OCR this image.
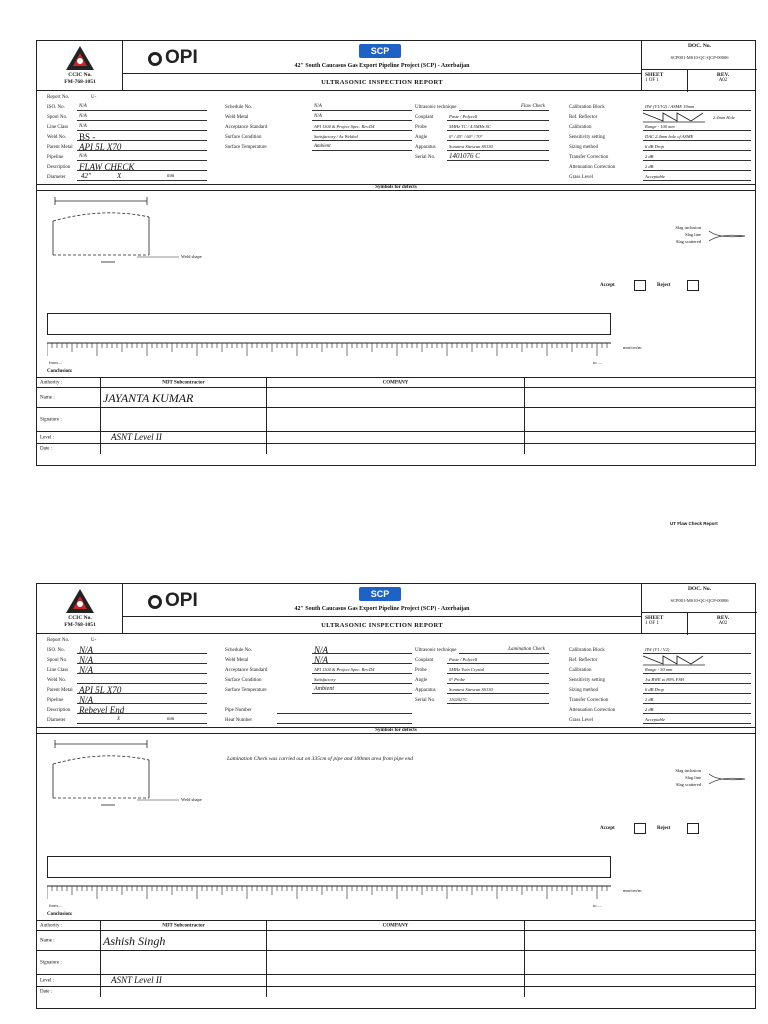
CCIC No.
FM-768-1051
OPI	SCP
42" South Caucasus Gas Export Pipeline Project (SCP) - Azerbaijan
ULTRASONIC INSPECTION REPORT
DOC. No.
SCP001-MS10-QC-QCP-00006
SHEET
1 OF 1
REV.
A02
Report No.	U-
ISO. No.	N/A
Spool No.	N/A
Line Class	N/A
Weld No. BS -
Parent Metal API 5L X70
Pipeline	N/A
Description FLAW CHECK
Diameter 42"	X	mm
Schedule No.	N/A
Weld Metal	N/A
Acceptance Standard	API 1104 & Project Spec. Rev.D4
Surface Condition	Satisfactory / As Welded
Surface Temperature	Ambient
Ultrasonic technique	Flaw Check
Couplant	Paste / Polycell
Probe	5MHz TC / 4.5MHz SC
Angle	0° / 45° / 60° / 70°
Apparatus	Sonatest Sitescan SS130
Serial No. 1401076 C
Calibration Block	IIW (V1/V2) / ASME 19mm
Ref. Reflector	2.4mm Hole
Calibration	Range - 100 mm
Sensitivity setting	DAC 2.4mm hole of ASME
Sizing method	6 dB Drop
Transfer Correction	2 dB
Attenuation Correction	2 dB
Grass Level	Acceptable
Symbols for defects
Weld shape
Slag inclusion
Slag line
Slag scattered
Accept	Reject
mm/cm/m
from....	to.....
Conclusion:
Authority :	NDT Subcontractor	COMPANY
Name :	JAYANTA KUMAR
Signature :
Level :	ASNT Level II
Date :
UT Flaw Check Report
CCIC No.
FM-768-1051
OPI	SCP
42" South Caucasus Gas Export Pipeline Project (SCP) - Azerbaijan
ULTRASONIC INSPECTION REPORT
DOC. No.
SCP001-MS10-QC-QCP-00006
SHEET
1 OF 1
REV.
A02
Report No.	U-
ISO. No. N/A
Spool No. N/A
Line Class N/A
Weld No.
Parent Metal API 5L X70
Pipeline N/A
Description Rebevel End
Diameter	X	mm
Schedule No.	N/A
Weld Metal	N/A
Acceptance Standard	API 1104 & Project Spec. Rev.D4
Surface Condition	Satisfactory
Surface Temperature	Ambient
Pipe Number
Heat Number
Ultrasonic technique	Lamination Check
Couplant	Paste / Polycell
Probe	5MHz Twin Crystal
Angle	0° Probe
Apparatus	Sonatest Sitescan SS130
Serial No.	1102027C
Calibration Block	IIW (V1 / V2)
Ref. Reflector
Calibration	Range - 50 mm
Sensitivity setting	1st BWE to 80% FSH
Sizing method	6 dB Drop
Transfer Correction	2 dB
Attenuation Correction	2 dB
Grass Level	Acceptable
Symbols for defects
Lamination Check was carried out on 335cm of pipe and 100mm area from pipe end
Weld shape
Slag inclusion
Slag line
Slag scattered
Accept	Reject
mm/cm/m
from....	to.....
Conclusion:
Authority :	NDT Subcontractor	COMPANY
Name :	Ashish Singh
Signature :
Level :	ASNT Level II
Date :
